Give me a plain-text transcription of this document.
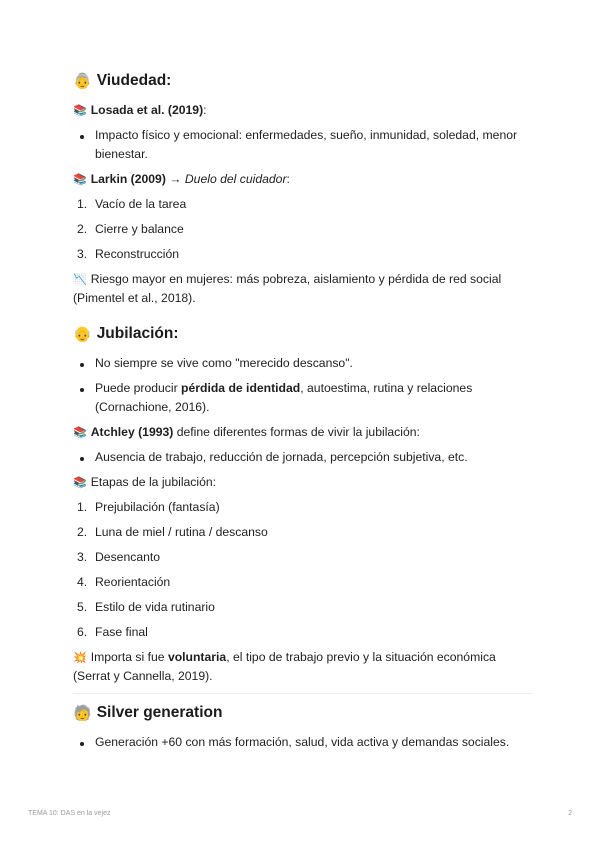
👵 Viudedad:

📚 Losada et al. (2019):

Impacto físico y emocional: enfermedades, sueño, inmunidad, soledad, menor bienestar.

📚 Larkin (2009) → Duelo del cuidador:

1. Vacío de la tarea
2. Cierre y balance
3. Reconstrucción

📉 Riesgo mayor en mujeres: más pobreza, aislamiento y pérdida de red social (Pimentel et al., 2018).

👴 Jubilación:
No siempre se vive como "merecido descanso".
Puede producir pérdida de identidad, autoestima, rutina y relaciones (Cornachione, 2016).

📚 Atchley (1993) define diferentes formas de vivir la jubilación:

Ausencia de trabajo, reducción de jornada, percepción subjetiva, etc.

📚 Etapas de la jubilación:

1. Prejubilación (fantasía)
2. Luna de miel / rutina / descanso
3. Desencanto
4. Reorientación
5. Estilo de vida rutinario
6. Fase final

💥 Importa si fue voluntaria, el tipo de trabajo previo y la situación económica (Serrat y Cannella, 2019).

🧓 Silver generation
Generación +60 con más formación, salud, vida activa y demandas sociales.
TEMA 10: DAS en la vejez	2
